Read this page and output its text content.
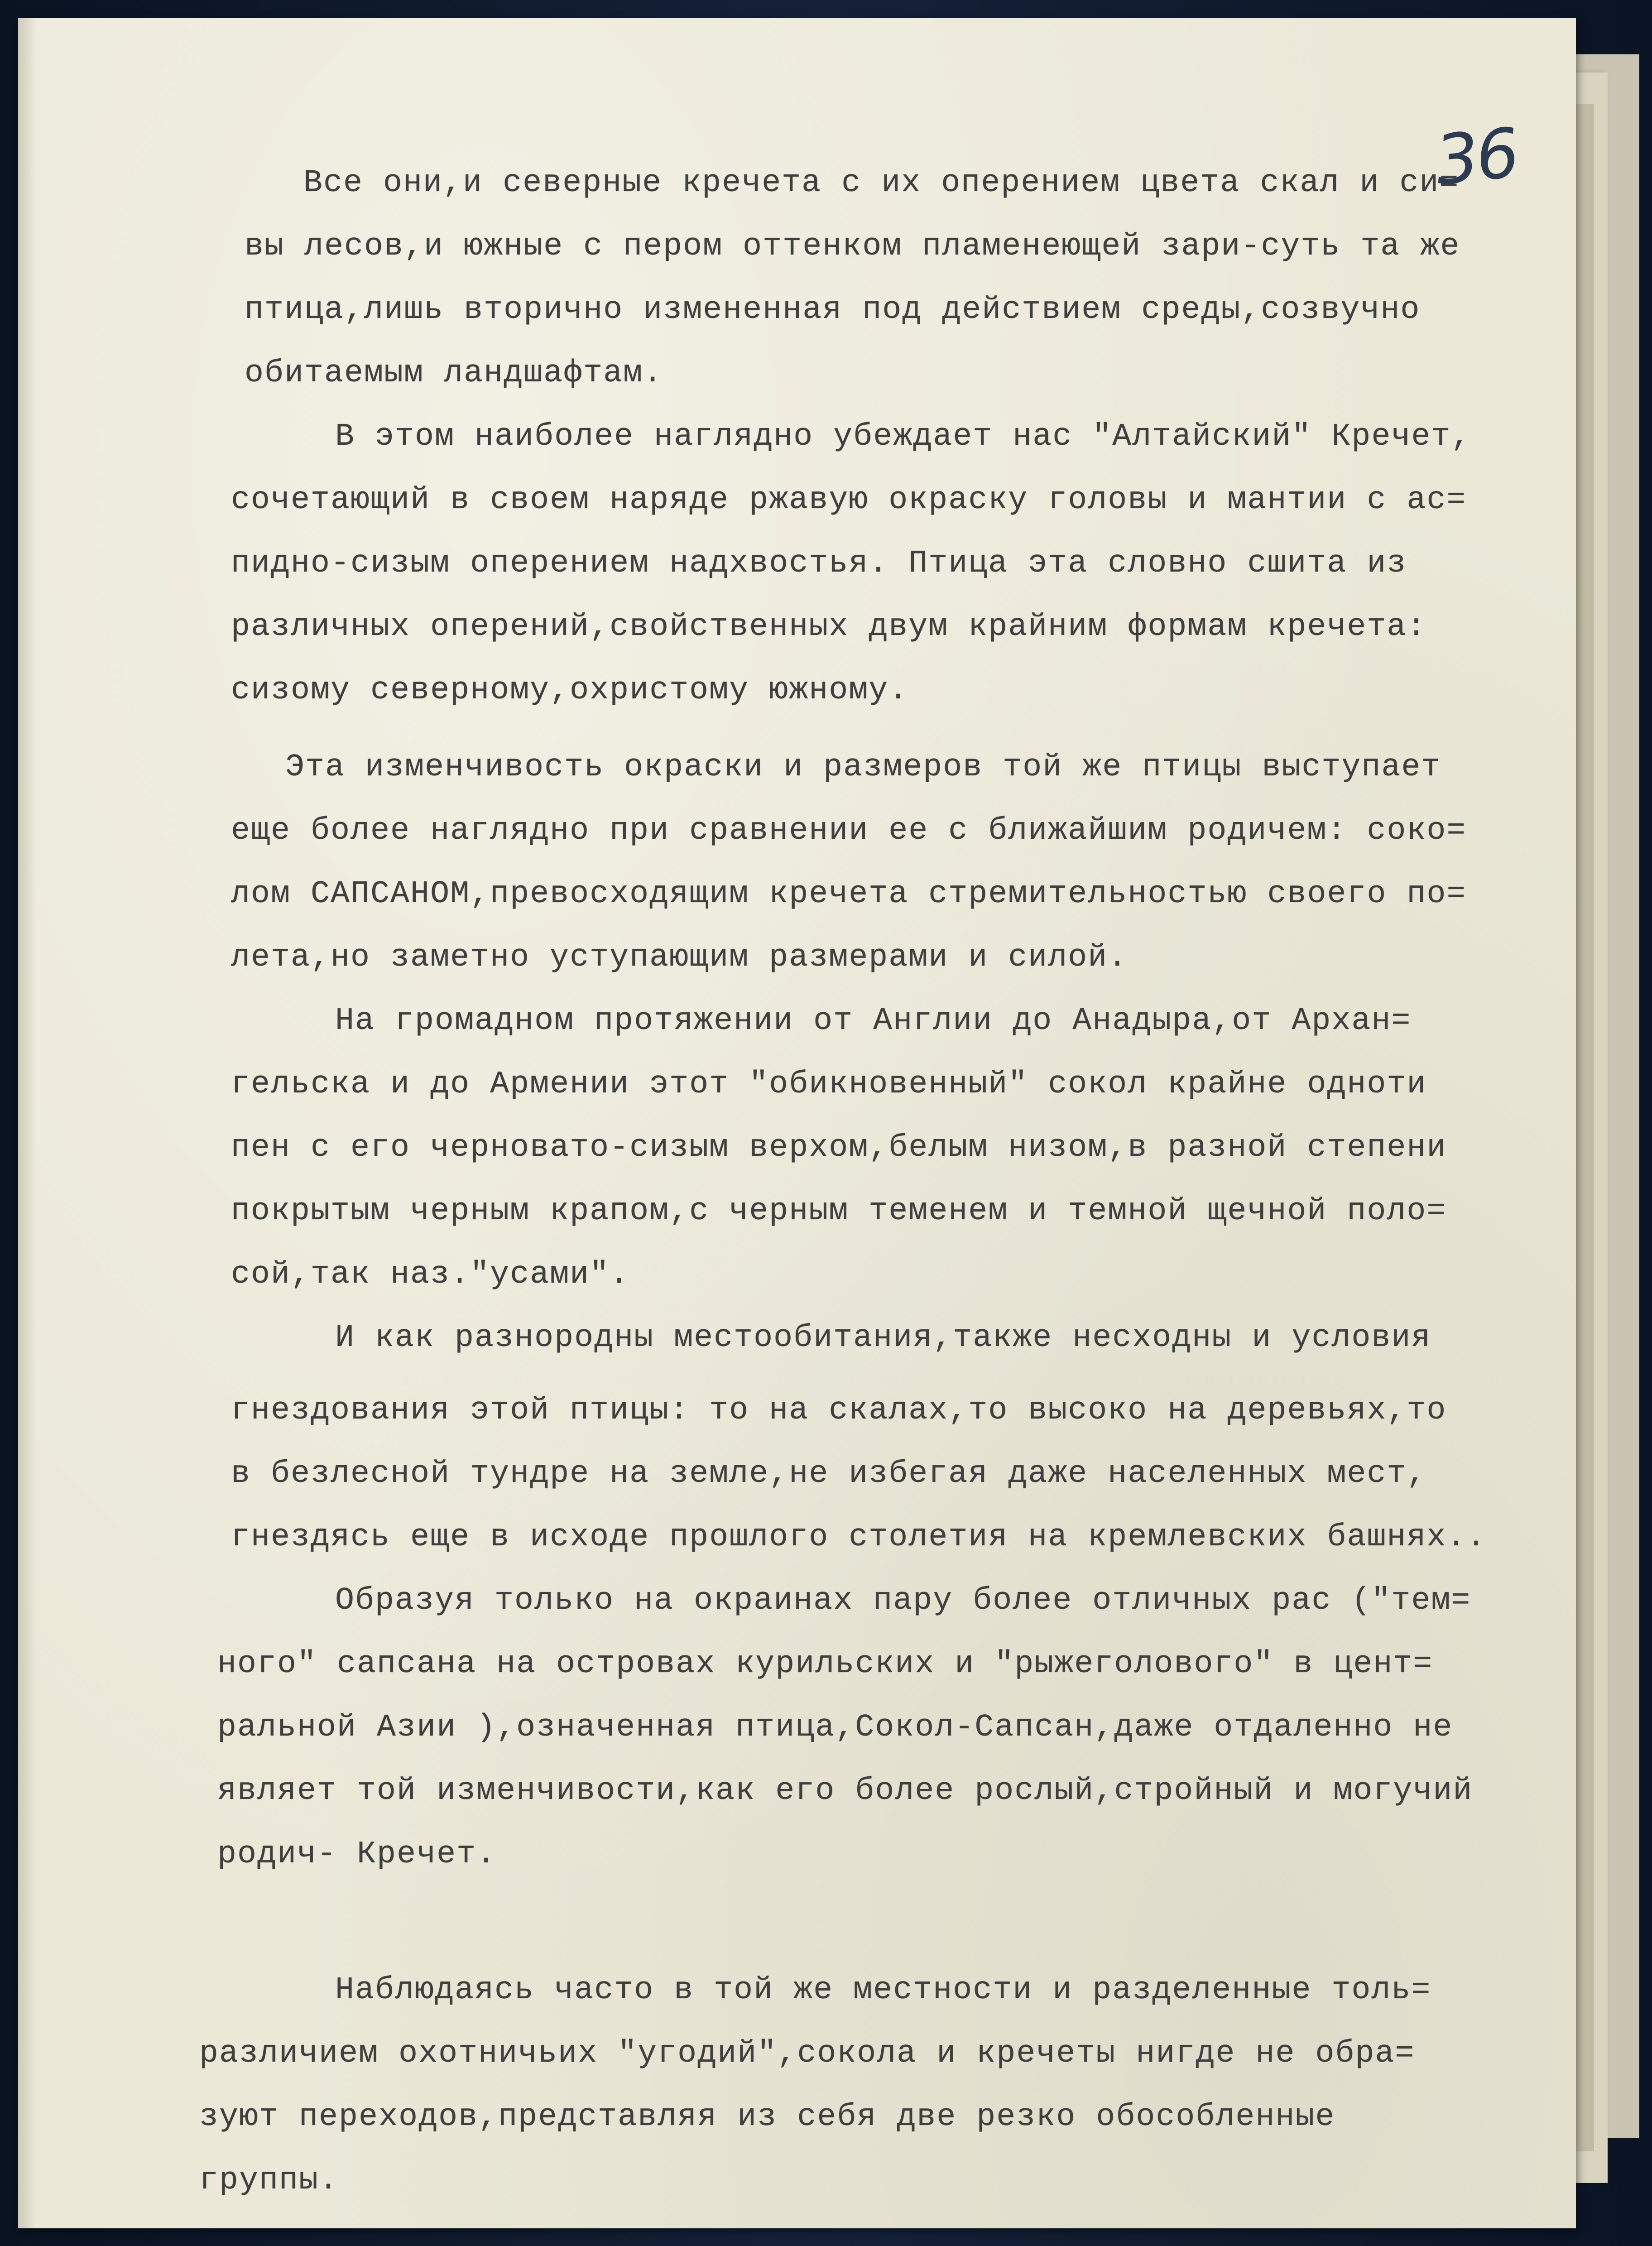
36
Все они,и северные кречета с их оперением цвета скал и си=
вы лесов,и южные с пером оттенком пламенеющей зари-суть та же
птица,лишь вторично измененная под действием среды,созвучно
обитаемым ландшафтам.
В этом наиболее наглядно убеждает нас "Алтайский" Кречет,
сочетающий в своем наряде ржавую окраску головы и мантии с ас=
пидно-сизым оперением надхвостья. Птица эта словно сшита из
различных оперений,свойственных двум крайним формам кречета:
сизому северному,охристому южному.
Эта изменчивость окраски и размеров той же птицы выступает
еще более наглядно при сравнении ее с ближайшим родичем: соко=
лом САПСАНОМ,превосходящим кречета стремительностью своего по=
лета,но заметно уступающим размерами и силой.
На громадном протяжении от Англии до Анадыра,от Архан=
гельска и до Армении этот "обикновенный" сокол крайне одноти
пен с его черновато-сизым верхом,белым низом,в разной степени
покрытым черным крапом,с черным теменем и темной щечной поло=
сой,так наз."усами".
И как разнородны местообитания,также несходны и условия
гнездования этой птицы: то на скалах,то высоко на деревьях,то
в безлесной тундре на земле,не избегая даже населенных мест,
гнездясь еще в исходе прошлого столетия на кремлевских башнях..
Образуя только на окраинах пару более отличных рас ("тем=
ного" сапсана на островах курильских и "рыжеголового" в цент=
ральной Азии ),означенная птица,Сокол-Сапсан,даже отдаленно не
являет той изменчивости,как его более рослый,стройный и могучий
родич- Кречет.
Наблюдаясь часто в той же местности и разделенные толь=
различием охотничьих "угодий",сокола и кречеты нигде не обра=
зуют переходов,представляя из себя две резко обособленные
группы.
